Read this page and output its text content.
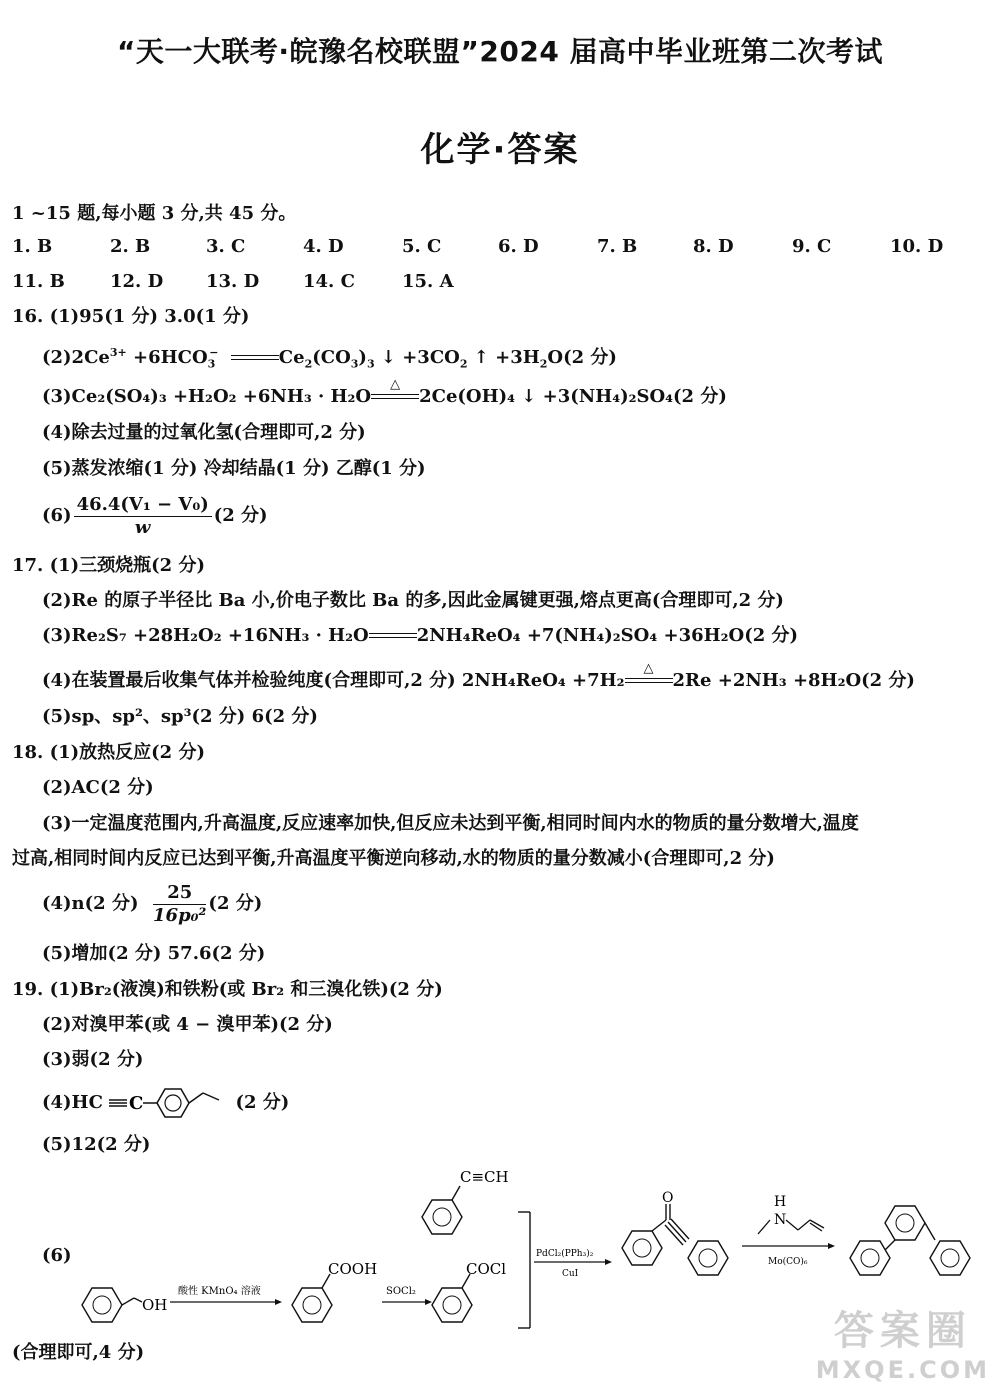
“天一大联考·皖豫名校联盟”2024 届高中毕业班第二次考试
化学·答案
1 ~15 题,每小题 3 分,共 45 分。
1. B	2. B	3. C	4. D	5. C	6. D	7. B	8. D	9. C	10. D
11. B	12. D 13. D 14. C	15. A
16. (1)95(1 分) 3.0(1 分)
$(2)2Ce^{3+} +6HCO_3^-$	$Ce_2(CO_3)_3$ ↓ $+3CO_2$ ↑ $+3H_2O(2$ 分)
(3)Ce₂(SO₄)₃ +H₂O₂ +6NH₃ · H₂O
△
2Ce(OH)₄ ↓ +3(NH₄)₂SO₄(2 分)
(4)除去过量的过氧化氢(合理即可,2 分)
(5)蒸发浓缩(1 分) 冷却结晶(1 分) 乙醇(1 分)
$(6) \frac{\text{46.4(V₁ − V₀)}}{w} (2$ 分)
17. (1)三颈烧瓶(2 分)
(2)Re 的原子半径比 Ba 小,价电子数比 Ba 的多,因此金属键更强,熔点更高(合理即可,2 分)
(3)Re₂S₇ +28H₂O₂ +16NH₃ · H₂O	2NH₄ReO₄ +7(NH₄)₂SO₄ +36H₂O(2 分)
(4)在装置最后收集气体并检验纯度(合理即可,2 分) 2NH₄ReO₄ +7H₂
△
2Re +2NH₃ +8H₂O(2 分)
(5)sp、sp²、sp³(2 分) 6(2 分)
18. (1)放热反应(2 分)
(2)AC(2 分)
(3)一定温度范围内,升高温度,反应速率加快,但反应未达到平衡,相同时间内水的物质的量分数增大,温度
过高,相同时间内反应已达到平衡,升高温度平衡逆向移动,水的物质的量分数减小(合理即可,2 分)
(4)n(2 分) $\frac{25}{\text{16p₀²}} (2$ 分)
(5)增加(2 分) 57.6(2 分)
19. (1)Br₂(液溴)和铁粉(或 Br₂ 和三溴化铁)(2 分)
(2)对溴甲苯(或 4 − 溴甲苯)(2 分)
(3)弱(2 分)
(4)HC C	(2 分)
(5)12(2 分)
(6)
OH
酸性 KMnO₄ 溶液
COOH
SOCl₂
COCl
C≡CH
PdCl₂(PPh₃)₂
CuI
O	H
N
Mo(CO)₆
(合理即可,4 分)	答案圈
MXQE.COM
